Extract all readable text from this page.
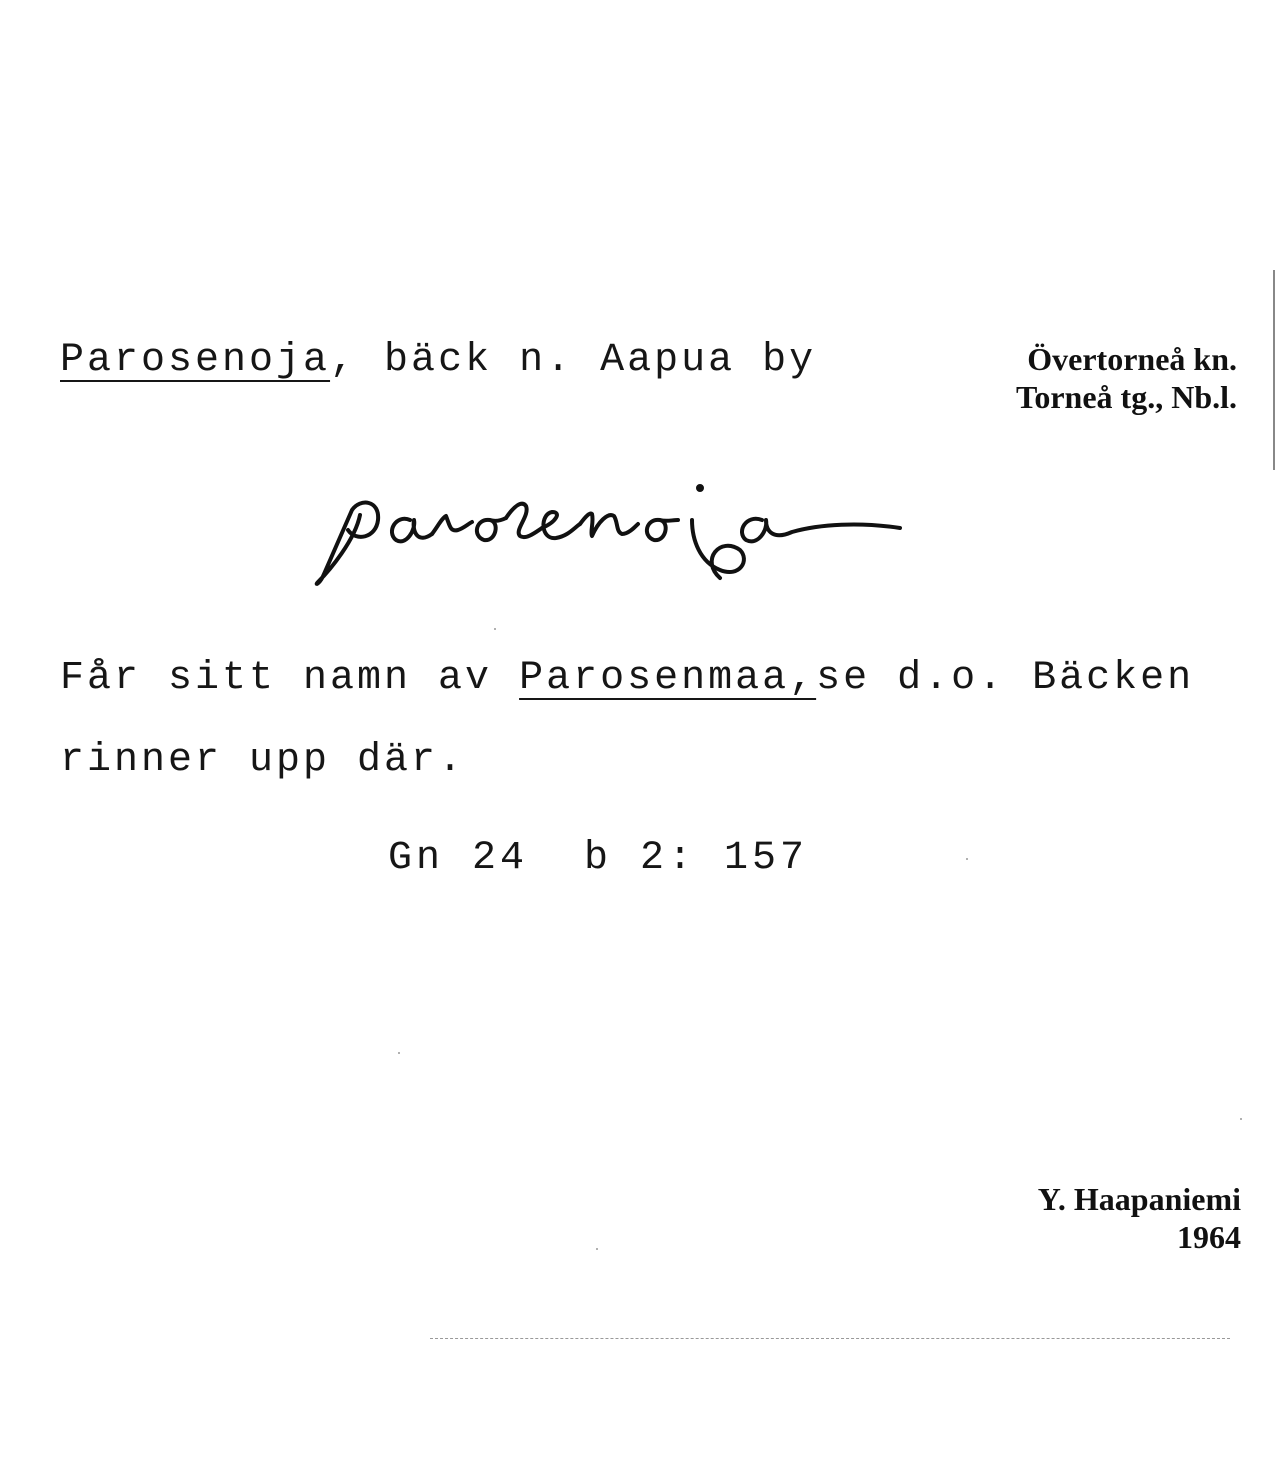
Parosenoja, bäck n. Aapua by	Övertorneå kn.
Torneå tg., Nb.l.
Får sitt namn av Parosenmaa,se d.o. Bäcken
rinner upp där.
Gn 24  b 2: 157
Y. Haapaniemi
1964
